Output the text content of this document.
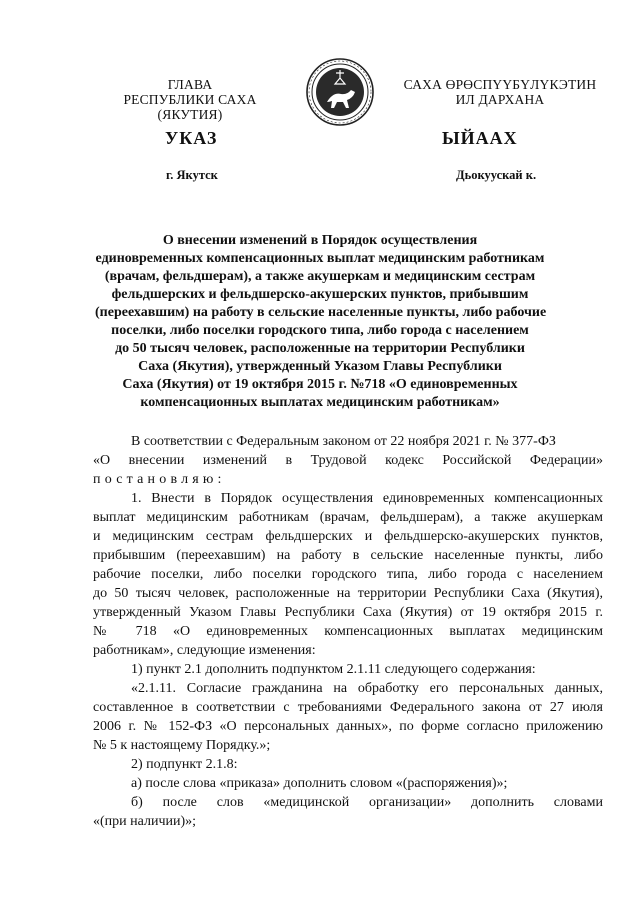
ГЛАВА
РЕСПУБЛИКИ САХА (ЯКУТИЯ)
САХА ӨРӨСПҮҮБҮЛҮКЭТИН
ИЛ ДАРХАНА
УКАЗ	ЫЙААХ
г. Якутск	Дьокуускай к.
О внесении изменений в Порядок осуществления
единовременных компенсационных выплат медицинским работникам
(врачам, фельдшерам), а также акушеркам и медицинским сестрам
фельдшерских и фельдшерско-акушерских пунктов, прибывшим
(переехавшим) на работу в сельские населенные пункты, либо рабочие
поселки, либо поселки городского типа, либо города с населением
до 50 тысяч человек, расположенные на территории Республики
Саха (Якутия), утвержденный Указом Главы Республики
Саха (Якутия) от 19 октября 2015 г. №718 «О единовременных
компенсационных выплатах медицинским работникам»
В соответствии с Федеральным законом от 22 ноября 2021 г. № 377-ФЗ
«О внесении изменений в Трудовой кодекс Российской Федерации»
постановляю:
1. Внести в Порядок осуществления единовременных компенсационных
выплат медицинским работникам (врачам, фельдшерам), а также акушеркам
и медицинским сестрам фельдшерских и фельдшерско-акушерских пунктов,
прибывшим (переехавшим) на работу в сельские населенные пункты, либо
рабочие поселки, либо поселки городского типа, либо города с населением
до 50 тысяч человек, расположенные на территории Республики Саха (Якутия),
утвержденный Указом Главы Республики Саха (Якутия) от 19 октября 2015 г.
№ 718 «О единовременных компенсационных выплатах медицинским
работникам», следующие изменения:
1) пункт 2.1 дополнить подпунктом 2.1.11 следующего содержания:
«2.1.11. Согласие гражданина на обработку его персональных данных,
составленное в соответствии с требованиями Федерального закона от 27 июля
2006 г. № 152-ФЗ «О персональных данных», по форме согласно приложению
№ 5 к настоящему Порядку.»;
2) подпункт 2.1.8:
а) после слова «приказа» дополнить словом «(распоряжения)»;
б) после слов «медицинской организации» дополнить словами
«(при наличии)»;
